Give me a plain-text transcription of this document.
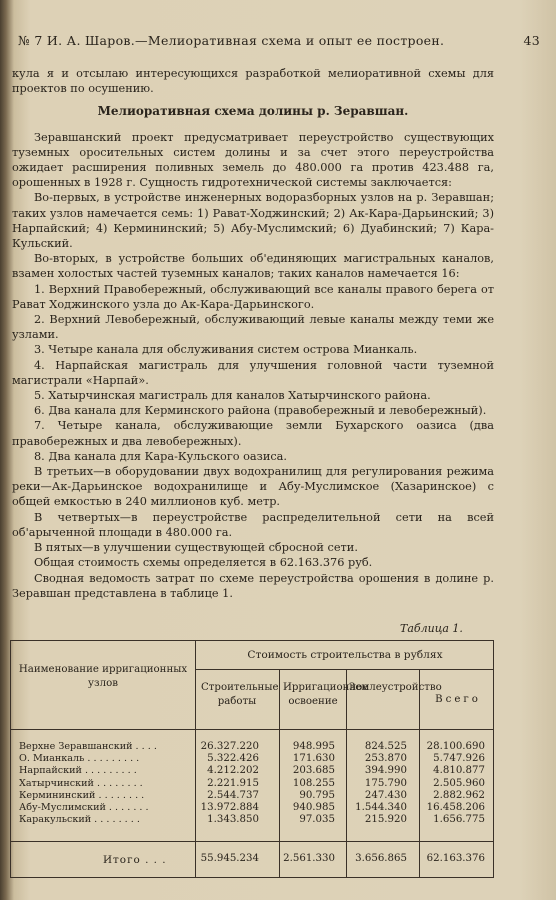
№ 7 И. А. Шаров.—Мелиоративная схема и опыт ее построен.	43

кула я и отсылаю интересующихся разработкой мелиоративной схемы для проектов по осушению.

Мелиоративная схема долины р. Зеравшан.

Зеравшанский проект предусматривает переустройство существующих туземных оросительных систем долины и за счет этого переустройства ожидает расширения поливных земель до 480.000 га против 423.488 га, орошенных в 1928 г. Сущность гидротехнической системы заключается:

Во-первых, в устройстве инженерных водоразборных узлов на р. Зеравшан; таких узлов намечается семь: 1) Рават-Ходжинский; 2) Ак-Кара-Дарьинский; 3) Нарпайский; 4) Кермининский; 5) Абу-Муслимский; 6) Дуабинский; 7) Кара-Кульский.

Во-вторых, в устройстве больших об'единяющих магистральных каналов, взамен холостых частей туземных каналов; таких каналов намечается 16:

1. Верхний Правобережный, обслуживающий все каналы правого берега от Рават Ходжинского узла до Ак-Кара-Дарьинского.

2. Верхний Левобережный, обслуживающий левые каналы между теми же узлами.

3. Четыре канала для обслуживания систем острова Мианкаль.

4. Нарпайская магистраль для улучшения головной части туземной магистрали «Нарпай».

5. Хатырчинская магистраль для каналов Хатырчинского района.

6. Два канала для Керминского района (правобережный и левобережный).

7. Четыре канала, обслуживающие земли Бухарского оазиса (два правобережных и два левобережных).

8. Два канала для Кара-Кульского оазиса.

В третьих—в оборудовании двух водохранилищ для регулирования режима реки—Ак-Дарьинское водохранилище и Абу-Муслимское (Хазаринское) с общей емкостью в 240 миллионов куб. метр.

В четвертых—в переустройстве распределительной сети на всей об'арыченной площади в 480.000 га.

В пятых—в улучшении существующей сбросной сети.

Общая стоимость схемы определяется в 62.163.376 руб.

Сводная ведомость затрат по схеме переустройства орошения в долине р. Зеравшан представлена в таблице 1.

Таблица 1.
Наименование ирригационных узлов
Стоимость строительства в рублях
Строительные работы
Ирригационное освоение
Землеустройство
Всего
Верхне Зеравшанский . . . .	26.327.220	948.995	824.525 28.100.690
О. Мианкаль . . . . . . . . .	5.322.426	171.630	253.870	5.747.926
Нарпайский . . . . . . . . .	4.212.202	203.685	394.990	4.810.877
Хатырчинский . . . . . . . .	2.221.915	108.255	175.790	2.505.960
Кермининский . . . . . . . .	2.544.737	90.795	247.430	2.882.962
Абу-Муслимский . . . . . . .	13.972.884	940.985 1.544.340 16.458.206
Каракульский . . . . . . . .	1.343.850	97.035	215.920	1.656.775
Итого . . .	55.945.234 2.561.330 3.656.865 62.163.376
